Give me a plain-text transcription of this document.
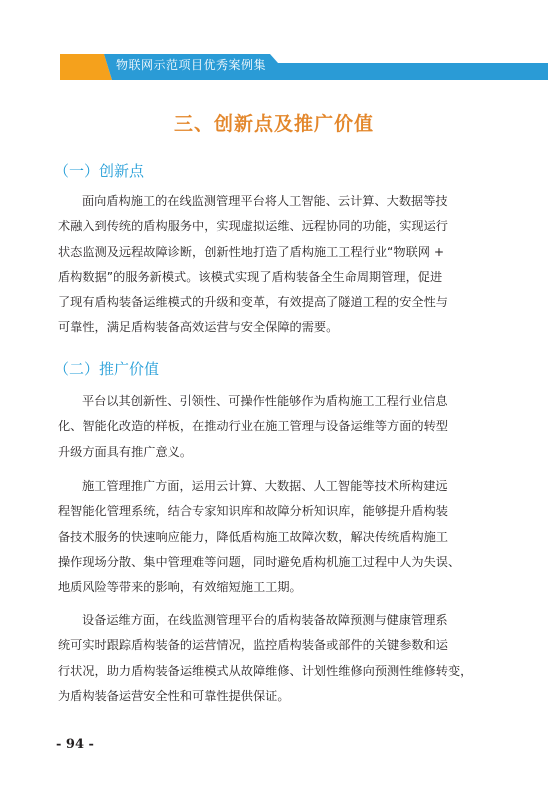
物联网示范项目优秀案例集
三、创新点及推广价值
（一）创新点
面向盾构施工的在线监测管理平台将人工智能、云计算、大数据等技
术融入到传统的盾构服务中，实现虚拟运维、远程协同的功能，实现运行
状态监测及远程故障诊断，创新性地打造了盾构施工工程行业“物联网 +
盾构数据”的服务新模式。该模式实现了盾构装备全生命周期管理，促进
了现有盾构装备运维模式的升级和变革，有效提高了隧道工程的安全性与
可靠性，满足盾构装备高效运营与安全保障的需要。
（二）推广价值
平台以其创新性、引领性、可操作性能够作为盾构施工工程行业信息
化、智能化改造的样板，在推动行业在施工管理与设备运维等方面的转型
升级方面具有推广意义。
施工管理推广方面，运用云计算、大数据、人工智能等技术所构建远
程智能化管理系统，结合专家知识库和故障分析知识库，能够提升盾构装
备技术服务的快速响应能力，降低盾构施工故障次数，解决传统盾构施工
操作现场分散、集中管理难等问题，同时避免盾构机施工过程中人为失误、
地质风险等带来的影响，有效缩短施工工期。
设备运维方面，在线监测管理平台的盾构装备故障预测与健康管理系
统可实时跟踪盾构装备的运营情况，监控盾构装备或部件的关键参数和运
行状况，助力盾构装备运维模式从故障维修、计划性维修向预测性维修转变，
为盾构装备运营安全性和可靠性提供保证。
- 94 -
